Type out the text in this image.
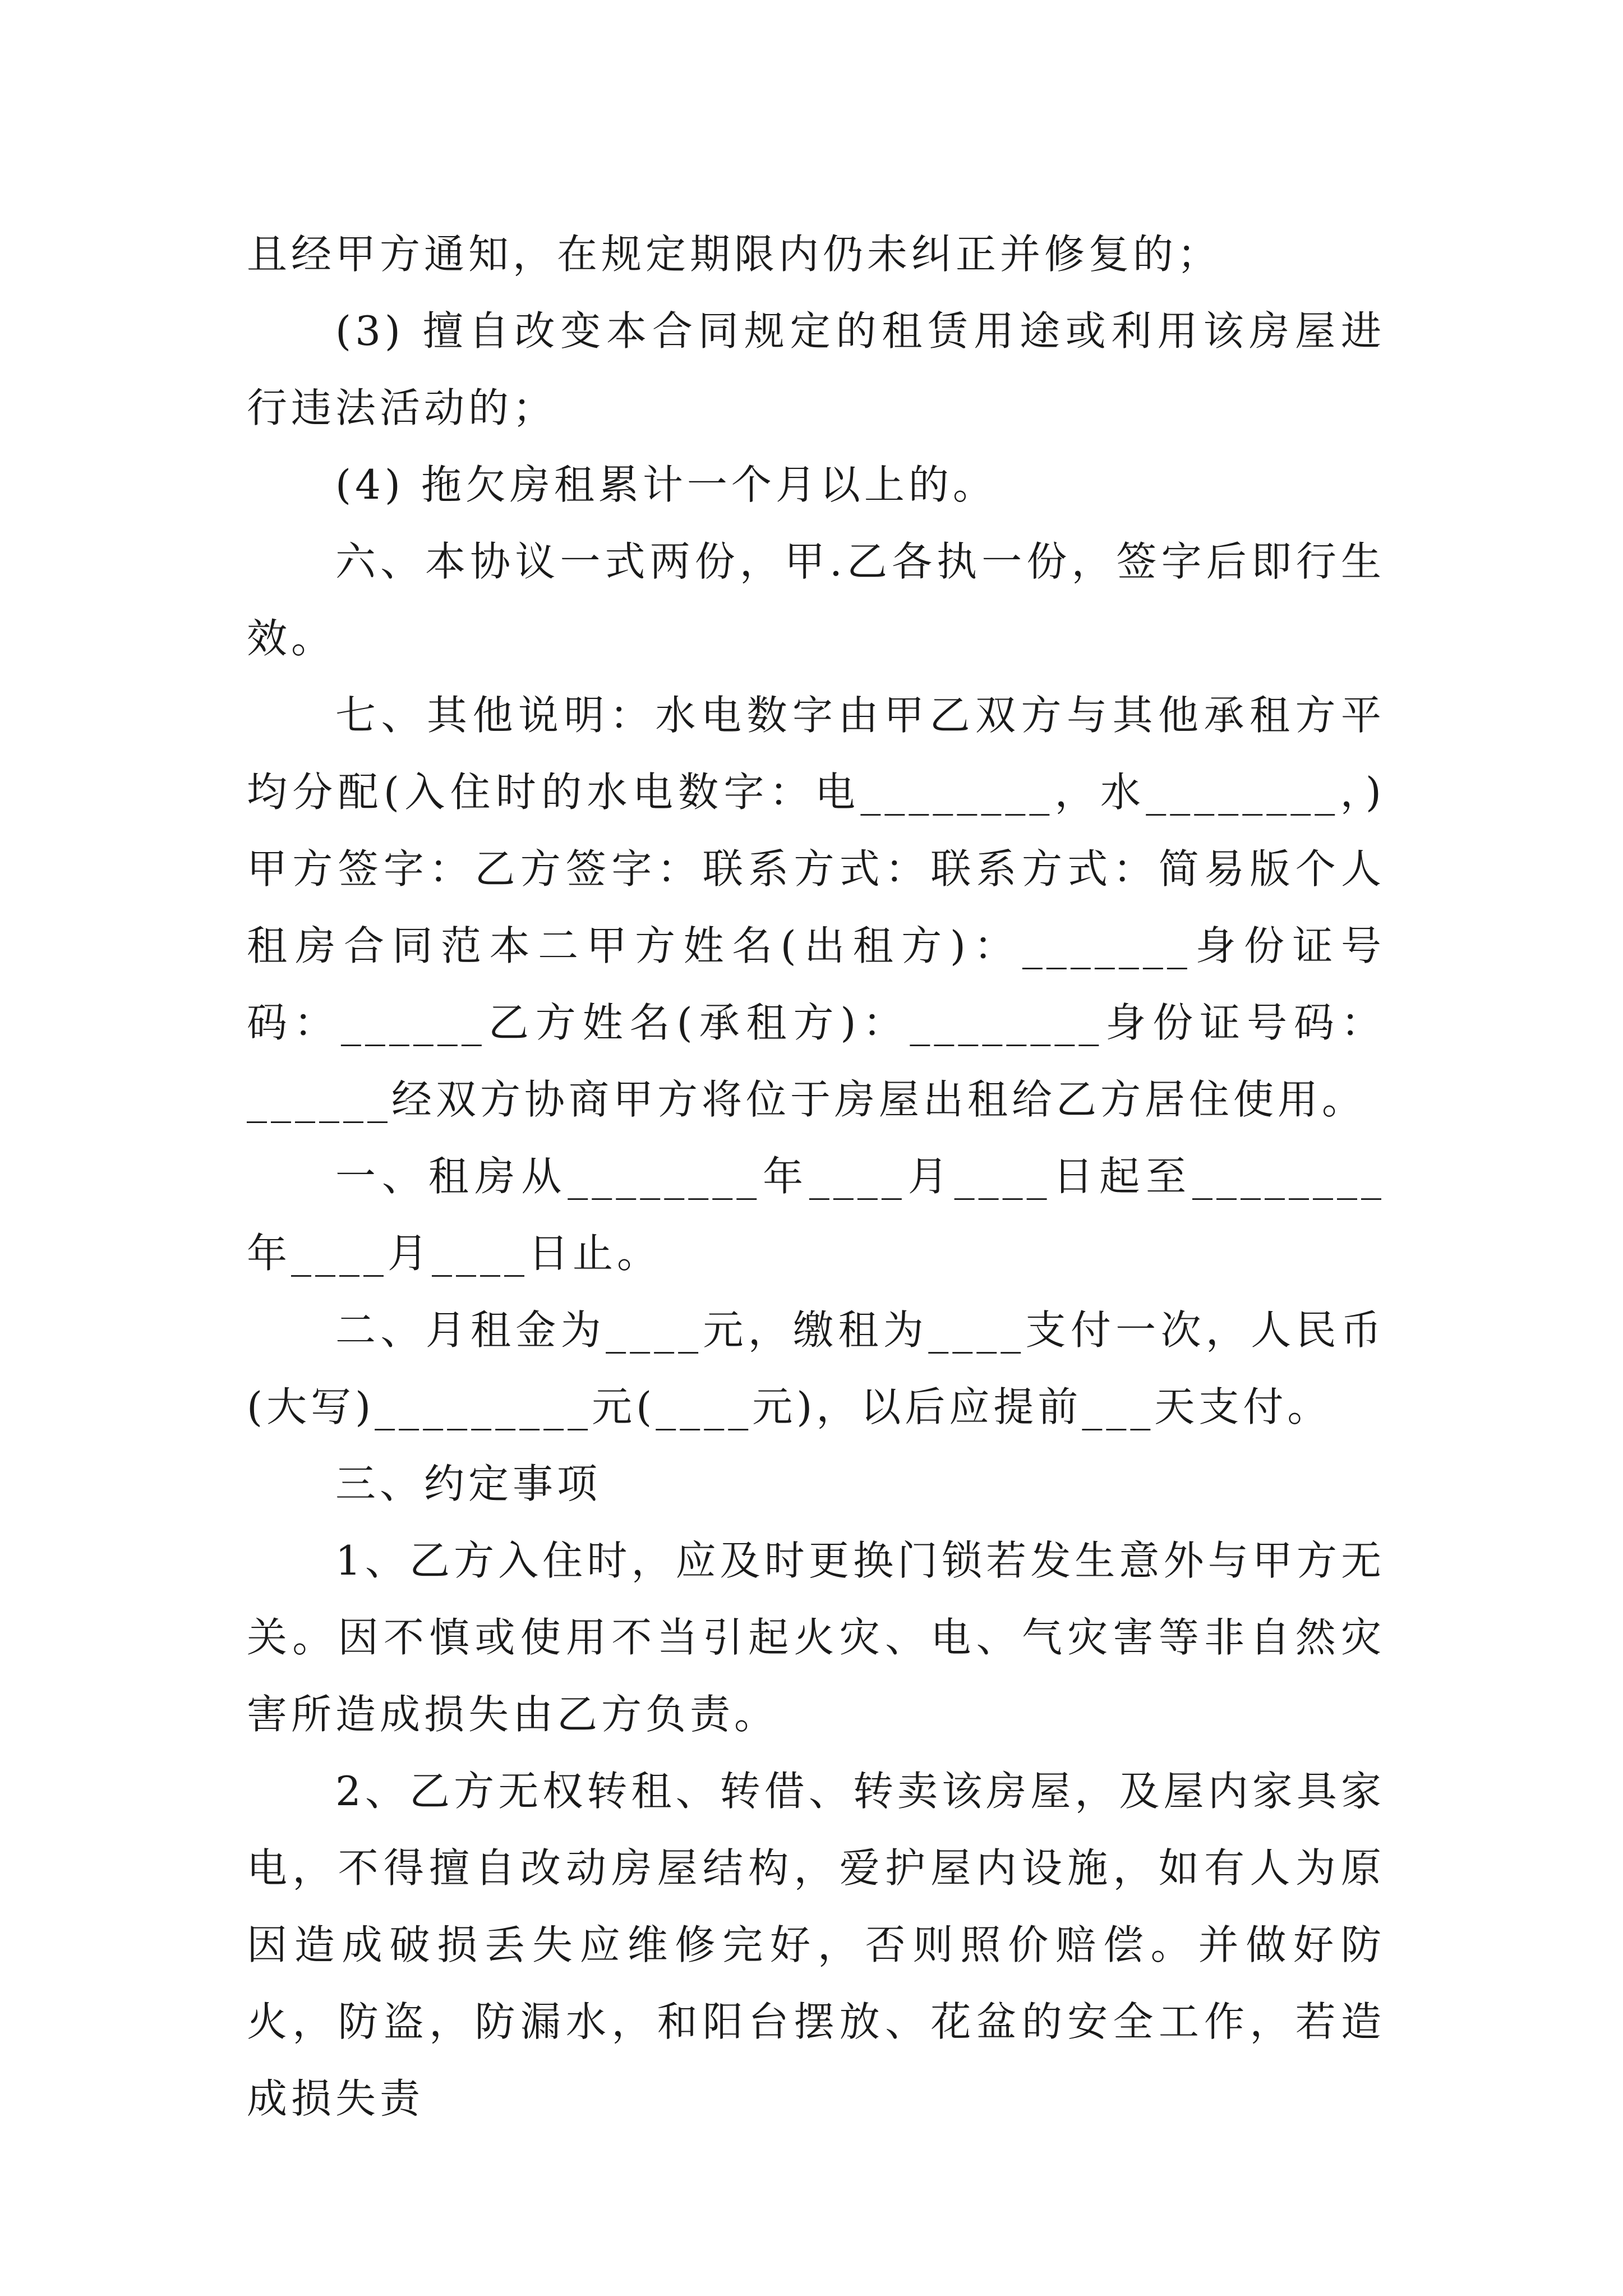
且经甲方通知，在规定期限内仍未纠正并修复的；

(3) 擅自改变本合同规定的租赁用途或利用该房屋进行违法活动的；

(4) 拖欠房租累计一个月以上的。

六、本协议一式两份，甲.乙各执一份，签字后即行生效。

七、其他说明：水电数字由甲乙双方与其他承租方平均分配(入住时的水电数字：电________，水________，)甲方签字：乙方签字：联系方式：联系方式：简易版个人租房合同范本二甲方姓名(出租方)：_______身份证号码：______乙方姓名(承租方)：________身份证号码：______经双方协商甲方将位于房屋出租给乙方居住使用。

一、租房从________年____月____日起至________年____月____日止。

二、月租金为____元，缴租为____支付一次，人民币(大写)_________元(____元)，以后应提前___天支付。

三、约定事项

1、乙方入住时，应及时更换门锁若发生意外与甲方无关。因不慎或使用不当引起火灾、电、气灾害等非自然灾害所造成损失由乙方负责。

2、乙方无权转租、转借、转卖该房屋，及屋内家具家电，不得擅自改动房屋结构，爱护屋内设施，如有人为原因造成破损丢失应维修完好，否则照价赔偿。并做好防火，防盗，防漏水，和阳台摆放、花盆的安全工作，若造成损失责
